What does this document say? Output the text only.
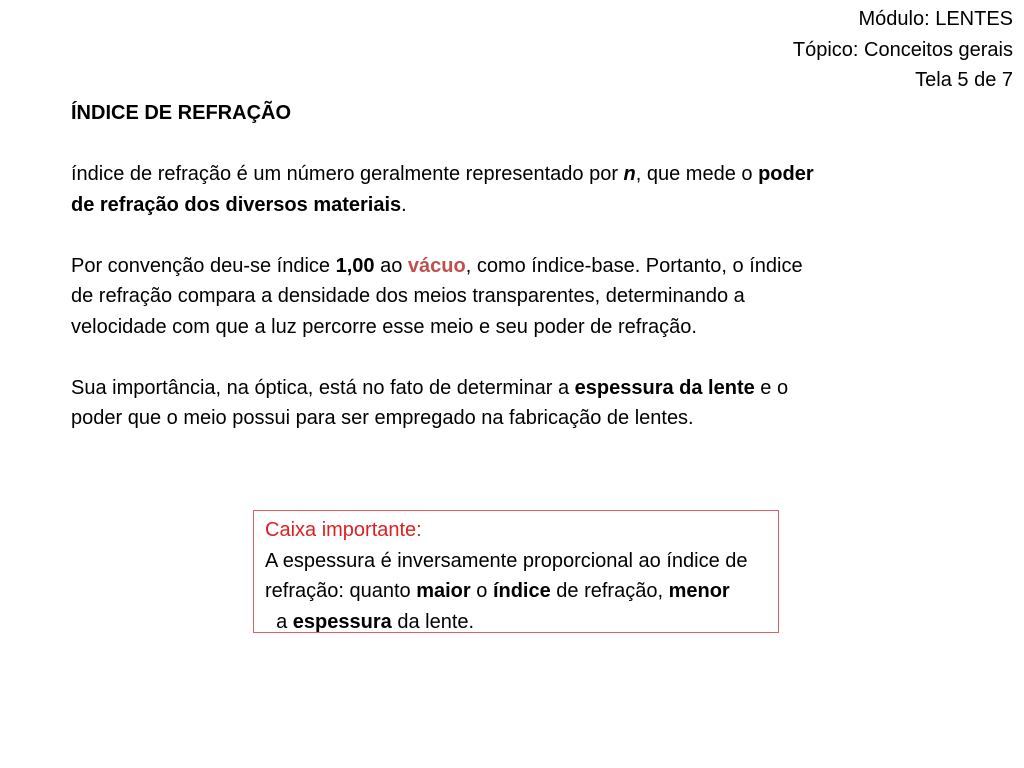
Módulo: LENTES
Tópico: Conceitos gerais
Tela 5 de 7

ÍNDICE DE REFRAÇÃO

índice de refração é um número geralmente representado por n, que mede o poder de refração dos diversos materiais.

Por convenção deu-se índice 1,00 ao vácuo, como índice-base. Portanto, o índice de refração compara a densidade dos meios transparentes, determinando a velocidade com que a luz percorre esse meio e seu poder de refração.

Sua importância, na óptica, está no fato de determinar a espessura da lente e o poder que o meio possui para ser empregado na fabricação de lentes.

Caixa importante:
A espessura é inversamente proporcional ao índice de refração: quanto maior o índice de refração, menor  a espessura da lente.
